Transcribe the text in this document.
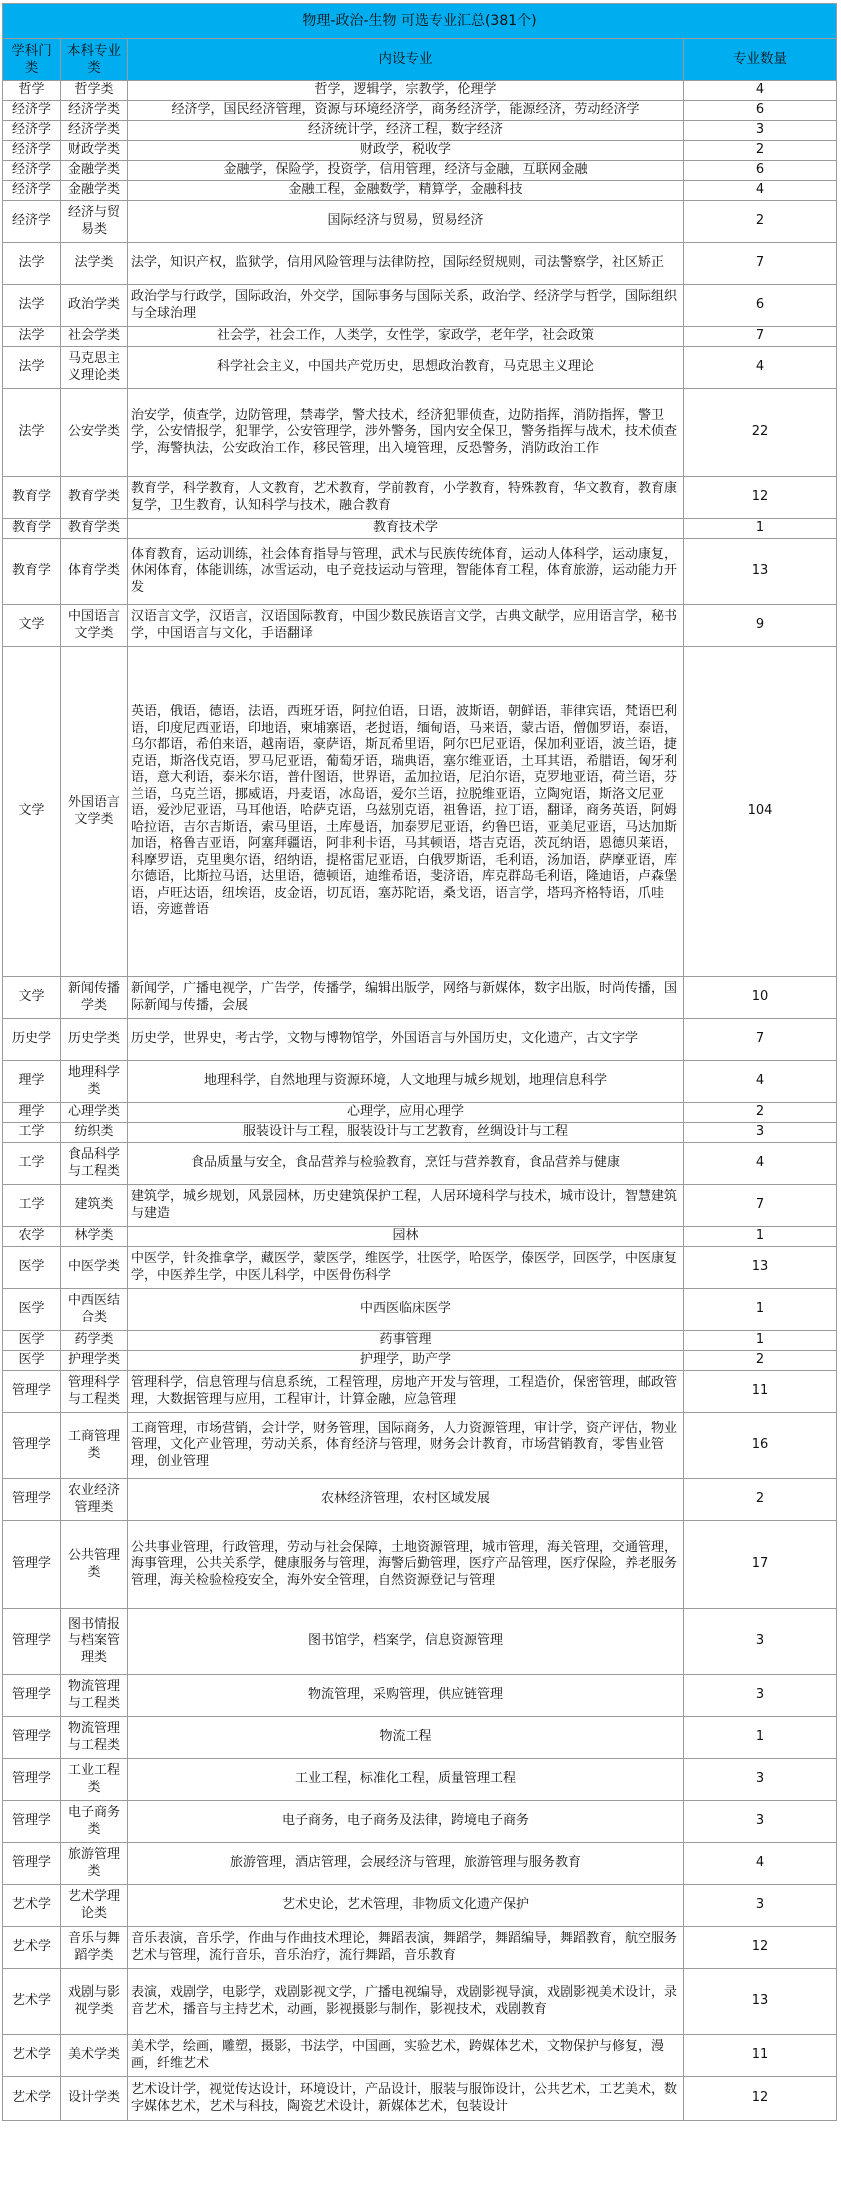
物理-政治-生物 可选专业汇总(381个)			
学科门类	本科专业类	内设专业	专业数量
哲学	哲学类	哲学，逻辑学，宗教学，伦理学	4
经济学	经济学类	经济学，国民经济管理，资源与环境经济学，商务经济学，能源经济，劳动经济学	6
经济学	经济学类	经济统计学，经济工程，数字经济	3
经济学	财政学类	财政学，税收学	2
经济学	金融学类	金融学，保险学，投资学，信用管理，经济与金融，互联网金融	6
经济学	金融学类	金融工程，金融数学，精算学，金融科技	4
经济学	经济与贸易类	国际经济与贸易，贸易经济	2
法学	法学类	法学，知识产权，监狱学，信用风险管理与法律防控，国际经贸规则，司法警察学，社区矫正	7
法学	政治学类	政治学与行政学，国际政治，外交学，国际事务与国际关系，政治学、经济学与哲学，国际组织与全球治理	6
法学	社会学类	社会学，社会工作，人类学，女性学，家政学，老年学，社会政策	7
法学	马克思主义理论类	科学社会主义，中国共产党历史，思想政治教育，马克思主义理论	4
法学	公安学类	治安学，侦查学，边防管理，禁毒学，警犬技术，经济犯罪侦查，边防指挥，消防指挥，警卫学，公安情报学，犯罪学，公安管理学，涉外警务，国内安全保卫，警务指挥与战术，技术侦查学，海警执法，公安政治工作，移民管理，出入境管理，反恐警务，消防政治工作	22
教育学	教育学类	教育学，科学教育，人文教育，艺术教育，学前教育，小学教育，特殊教育，华文教育，教育康复学，卫生教育，认知科学与技术，融合教育	12
教育学	教育学类	教育技术学	1
教育学	体育学类	体育教育，运动训练，社会体育指导与管理，武术与民族传统体育，运动人体科学，运动康复，休闲体育，体能训练，冰雪运动，电子竞技运动与管理，智能体育工程，体育旅游，运动能力开发	13
文学	中国语言文学类	汉语言文学，汉语言，汉语国际教育，中国少数民族语言文学，古典文献学，应用语言学，秘书学，中国语言与文化，手语翻译	9
文学	外国语言文学类	英语，俄语，德语，法语，西班牙语，阿拉伯语，日语，波斯语，朝鲜语，菲律宾语，梵语巴利语，印度尼西亚语，印地语，柬埔寨语，老挝语，缅甸语，马来语，蒙古语，僧伽罗语，泰语，乌尔都语，希伯来语，越南语，豪萨语，斯瓦希里语，阿尔巴尼亚语，保加利亚语，波兰语，捷克语，斯洛伐克语，罗马尼亚语，葡萄牙语，瑞典语，塞尔维亚语，土耳其语，希腊语，匈牙利语，意大利语，泰米尔语，普什图语，世界语，孟加拉语，尼泊尔语，克罗地亚语，荷兰语，芬兰语，乌克兰语，挪威语，丹麦语，冰岛语，爱尔兰语，拉脱维亚语，立陶宛语，斯洛文尼亚语，爱沙尼亚语，马耳他语，哈萨克语，乌兹别克语，祖鲁语，拉丁语，翻译，商务英语，阿姆哈拉语，吉尔吉斯语，索马里语，土库曼语，加泰罗尼亚语，约鲁巴语，亚美尼亚语，马达加斯加语，格鲁吉亚语，阿塞拜疆语，阿非利卡语，马其顿语，塔吉克语，茨瓦纳语，恩德贝莱语，科摩罗语，克里奥尔语，绍纳语，提格雷尼亚语，白俄罗斯语，毛利语，汤加语，萨摩亚语，库尔德语，比斯拉马语，达里语，德顿语，迪维希语，斐济语，库克群岛毛利语，隆迪语，卢森堡语，卢旺达语，纽埃语，皮金语，切瓦语，塞苏陀语，桑戈语，语言学，塔玛齐格特语，爪哇语，旁遮普语	104
文学	新闻传播学类	新闻学，广播电视学，广告学，传播学，编辑出版学，网络与新媒体，数字出版，时尚传播，国际新闻与传播，会展	10
历史学	历史学类	历史学，世界史，考古学，文物与博物馆学，外国语言与外国历史，文化遗产，古文字学	7
理学	地理科学类	地理科学，自然地理与资源环境，人文地理与城乡规划，地理信息科学	4
理学	心理学类	心理学，应用心理学	2
工学	纺织类	服装设计与工程，服装设计与工艺教育，丝绸设计与工程	3
工学	食品科学与工程类	食品质量与安全，食品营养与检验教育，烹饪与营养教育，食品营养与健康	4
工学	建筑类	建筑学，城乡规划，风景园林，历史建筑保护工程，人居环境科学与技术，城市设计，智慧建筑与建造	7
农学	林学类	园林	1
医学	中医学类	中医学，针灸推拿学，藏医学，蒙医学，维医学，壮医学，哈医学，傣医学，回医学，中医康复学，中医养生学，中医儿科学，中医骨伤科学	13
医学	中西医结合类	中西医临床医学	1
医学	药学类	药事管理	1
医学	护理学类	护理学，助产学	2
管理学	管理科学与工程类	管理科学，信息管理与信息系统，工程管理，房地产开发与管理，工程造价，保密管理，邮政管理，大数据管理与应用，工程审计，计算金融，应急管理	11
管理学	工商管理类	工商管理，市场营销，会计学，财务管理，国际商务，人力资源管理，审计学，资产评估，物业管理，文化产业管理，劳动关系，体育经济与管理，财务会计教育，市场营销教育，零售业管理，创业管理	16
管理学	农业经济管理类	农林经济管理，农村区域发展	2
管理学	公共管理类	公共事业管理，行政管理，劳动与社会保障，土地资源管理，城市管理，海关管理，交通管理，海事管理，公共关系学，健康服务与管理，海警后勤管理，医疗产品管理，医疗保险，养老服务管理，海关检验检疫安全，海外安全管理，自然资源登记与管理	17
管理学	图书情报与档案管理类	图书馆学，档案学，信息资源管理	3
管理学	物流管理与工程类	物流管理，采购管理，供应链管理	3
管理学	物流管理与工程类	物流工程	1
管理学	工业工程类	工业工程，标准化工程，质量管理工程	3
管理学	电子商务类	电子商务，电子商务及法律，跨境电子商务	3
管理学	旅游管理类	旅游管理，酒店管理，会展经济与管理，旅游管理与服务教育	4
艺术学	艺术学理论类	艺术史论，艺术管理，非物质文化遗产保护	3
艺术学	音乐与舞蹈学类	音乐表演，音乐学，作曲与作曲技术理论，舞蹈表演，舞蹈学，舞蹈编导，舞蹈教育，航空服务艺术与管理，流行音乐，音乐治疗，流行舞蹈，音乐教育	12
艺术学	戏剧与影视学类	表演，戏剧学，电影学，戏剧影视文学，广播电视编导，戏剧影视导演，戏剧影视美术设计，录音艺术，播音与主持艺术，动画，影视摄影与制作，影视技术，戏剧教育	13
艺术学	美术学类	美术学，绘画，雕塑，摄影，书法学，中国画，实验艺术，跨媒体艺术，文物保护与修复，漫画，纤维艺术	11
艺术学	设计学类	艺术设计学，视觉传达设计，环境设计，产品设计，服装与服饰设计，公共艺术，工艺美术，数字媒体艺术，艺术与科技，陶瓷艺术设计，新媒体艺术，包装设计	12
